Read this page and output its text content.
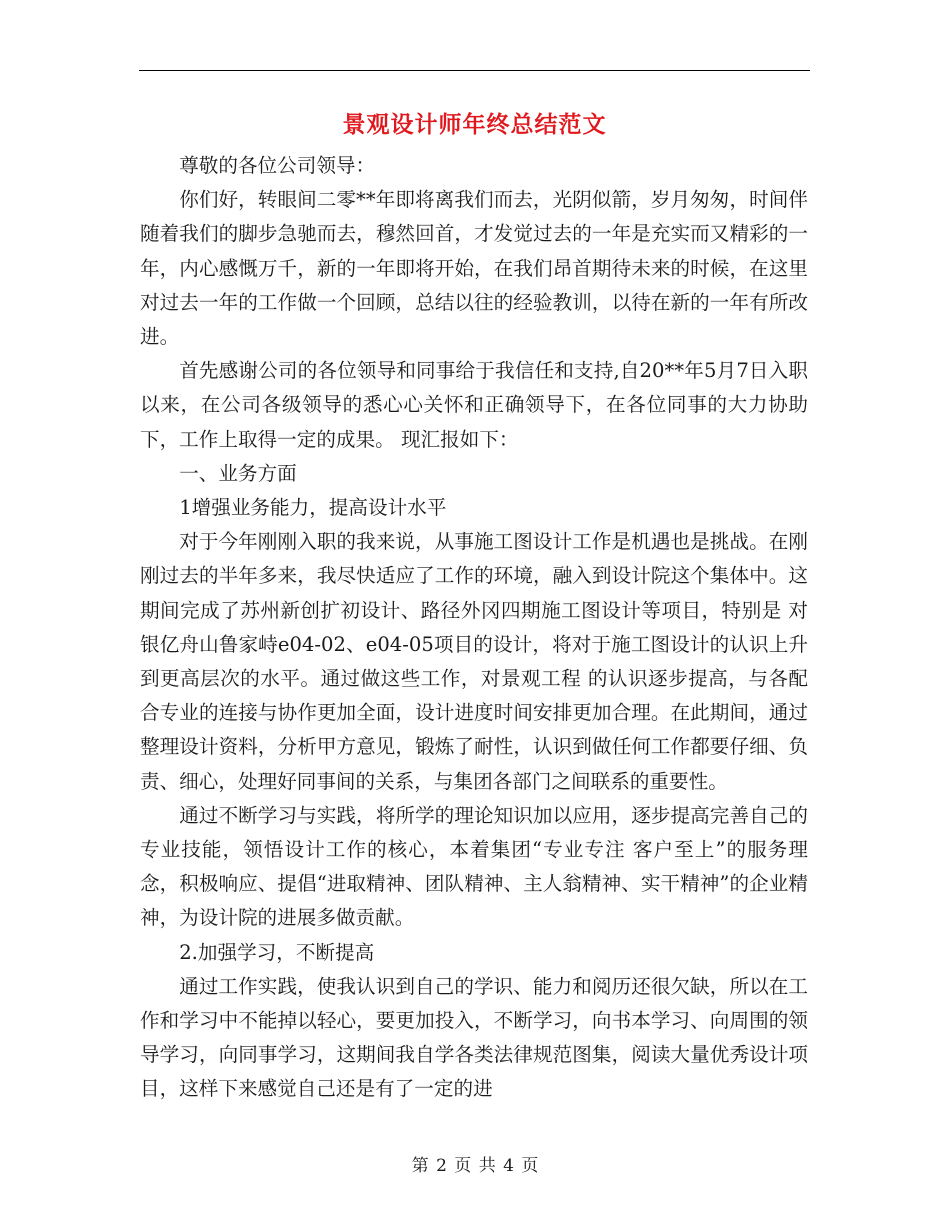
景观设计师年终总结范文

尊敬的各位公司领导：

你们好，转眼间二零**年即将离我们而去，光阴似箭，岁月匆匆，时间伴随着我们的脚步急驰而去，穆然回首，才发觉过去的一年是充实而又精彩的一年，内心感慨万千，新的一年即将开始，在我们昂首期待未来的时候，在这里对过去一年的工作做一个回顾，总结以往的经验教训，以待在新的一年有所改进。

首先感谢公司的各位领导和同事给于我信任和支持,自20**年5月7日入职以来，在公司各级领导的悉心心关怀和正确领导下，在各位同事的大力协助下，工作上取得一定的成果。 现汇报如下：

一、业务方面

1增强业务能力，提高设计水平

对于今年刚刚入职的我来说，从事施工图设计工作是机遇也是挑战。在刚刚过去的半年多来，我尽快适应了工作的环境，融入到设计院这个集体中。这期间完成了苏州新创扩初设计、路径外冈四期施工图设计等项目，特别是 对银亿舟山鲁家峙e04-02、e04-05项目的设计，将对于施工图设计的认识上升到更高层次的水平。通过做这些工作，对景观工程 的认识逐步提高，与各配合专业的连接与协作更加全面，设计进度时间安排更加合理。在此期间，通过整理设计资料，分析甲方意见，锻炼了耐性，认识到做任何工作都要仔细、负责、细心，处理好同事间的关系，与集团各部门之间联系的重要性。

通过不断学习与实践，将所学的理论知识加以应用，逐步提高完善自己的专业技能，领悟设计工作的核心，本着集团“专业专注 客户至上”的服务理念，积极响应、提倡“进取精神、团队精神、主人翁精神、实干精神”的企业精神，为设计院的进展多做贡献。

2.加强学习，不断提高

通过工作实践，使我认识到自己的学识、能力和阅历还很欠缺，所以在工作和学习中不能掉以轻心，要更加投入，不断学习，向书本学习、向周围的领导学习，向同事学习，这期间我自学各类法律规范图集，阅读大量优秀设计项目，这样下来感觉自己还是有了一定的进

第 2 页 共 4 页
